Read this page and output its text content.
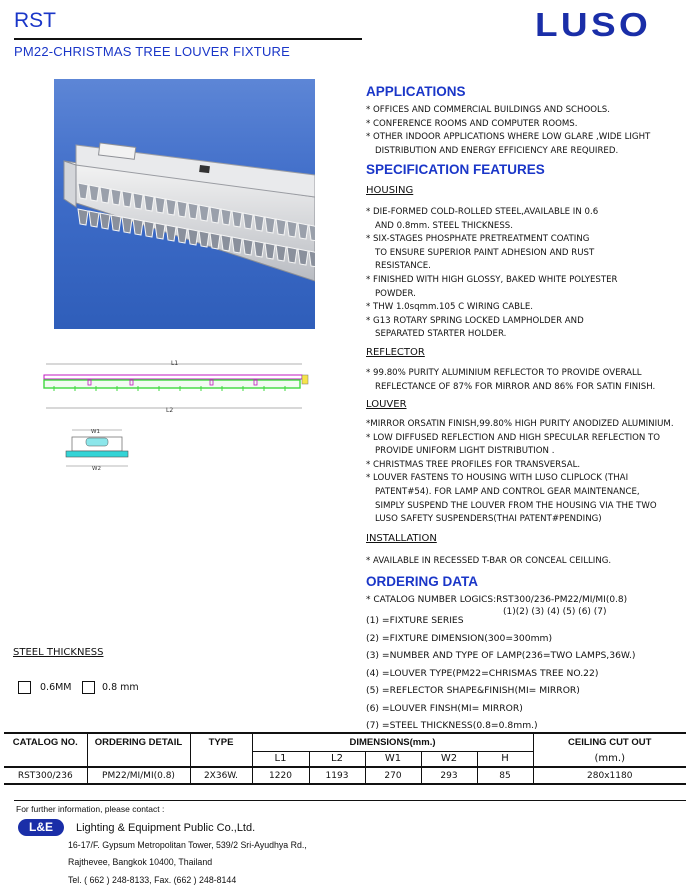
RST	LUSO
PM22-CHRISTMAS TREE LOUVER FIXTURE
L1
L2
W1
W2
STEEL THICKNESS
0.6MM	0.8 mm
APPLICATIONS
* OFFICES AND COMMERCIAL BUILDINGS AND SCHOOLS.
* CONFERENCE ROOMS AND COMPUTER ROOMS.
* OTHER INDOOR APPLICATIONS WHERE LOW GLARE ,WIDE LIGHT
DISTRIBUTION AND ENERGY EFFICIENCY ARE REQUIRED.
SPECIFICATION FEATURES
HOUSING
* DIE-FORMED COLD-ROLLED STEEL,AVAILABLE IN 0.6
AND 0.8mm. STEEL THICKNESS.
* SIX-STAGES PHOSPHATE PRETREATMENT COATING
TO ENSURE SUPERIOR PAINT ADHESION AND RUST
RESISTANCE.
* FINISHED WITH HIGH GLOSSY, BAKED WHITE POLYESTER
POWDER.
* THW 1.0sqmm.105 C WIRING CABLE.
* G13 ROTARY SPRING LOCKED LAMPHOLDER AND
SEPARATED STARTER HOLDER.
REFLECTOR
* 99.80% PURITY ALUMINIUM REFLECTOR TO PROVIDE OVERALL
REFLECTANCE OF 87% FOR MIRROR AND 86% FOR SATIN FINISH.
LOUVER
*MIRROR ORSATIN FINISH,99.80% HIGH PURITY ANODIZED ALUMINIUM.
* LOW DIFFUSED REFLECTION AND HIGH SPECULAR REFLECTION TO
PROVIDE UNIFORM LIGHT DISTRIBUTION .
* CHRISTMAS TREE PROFILES FOR TRANSVERSAL.
* LOUVER FASTENS TO HOUSING WITH LUSO CLIPLOCK (THAI
PATENT#54). FOR LAMP AND CONTROL GEAR MAINTENANCE,
SIMPLY SUSPEND THE LOUVER FROM THE HOUSING VIA THE TWO
LUSO SAFETY SUSPENDERS(THAI PATENT#PENDING)
INSTALLATION
* AVAILABLE IN RECESSED T-BAR OR CONCEAL CEILLING.
ORDERING DATA
* CATALOG NUMBER LOGICS:RST300/236-PM22/MI/MI(0.8)
(1)(2) (3) (4) (5) (6) (7)
(1) =FIXTURE SERIES
(2) =FIXTURE DIMENSION(300=300mm)
(3) =NUMBER AND TYPE OF LAMP(236=TWO LAMPS,36W.)
(4) =LOUVER TYPE(PM22=CHRISMAS TREE NO.22)
(5) =REFLECTOR SHAPE&FINISH(MI= MIRROR)
(6) =LOUVER FINSH(MI= MIRROR)
(7) =STEEL THICKNESS(0.8=0.8mm.)
CATALOG NO.	ORDERING DETAIL	TYPE	DIMENSIONS(mm.)					CEILING CUT OUT
			L1	L2	W1	W2	H	(mm.)
RST300/236	PM22/MI/MI(0.8)	2X36W.	1220	1193	270	293	85	280x1180
For further information, please contact :
L&E	Lighting & Equipment Public Co.,Ltd.
16-17/F. Gypsum Metropolitan Tower, 539/2 Sri-Ayudhya Rd.,
Rajthevee, Bangkok 10400, Thailand
Tel. ( 662 ) 248-8133, Fax. (662 ) 248-8144
